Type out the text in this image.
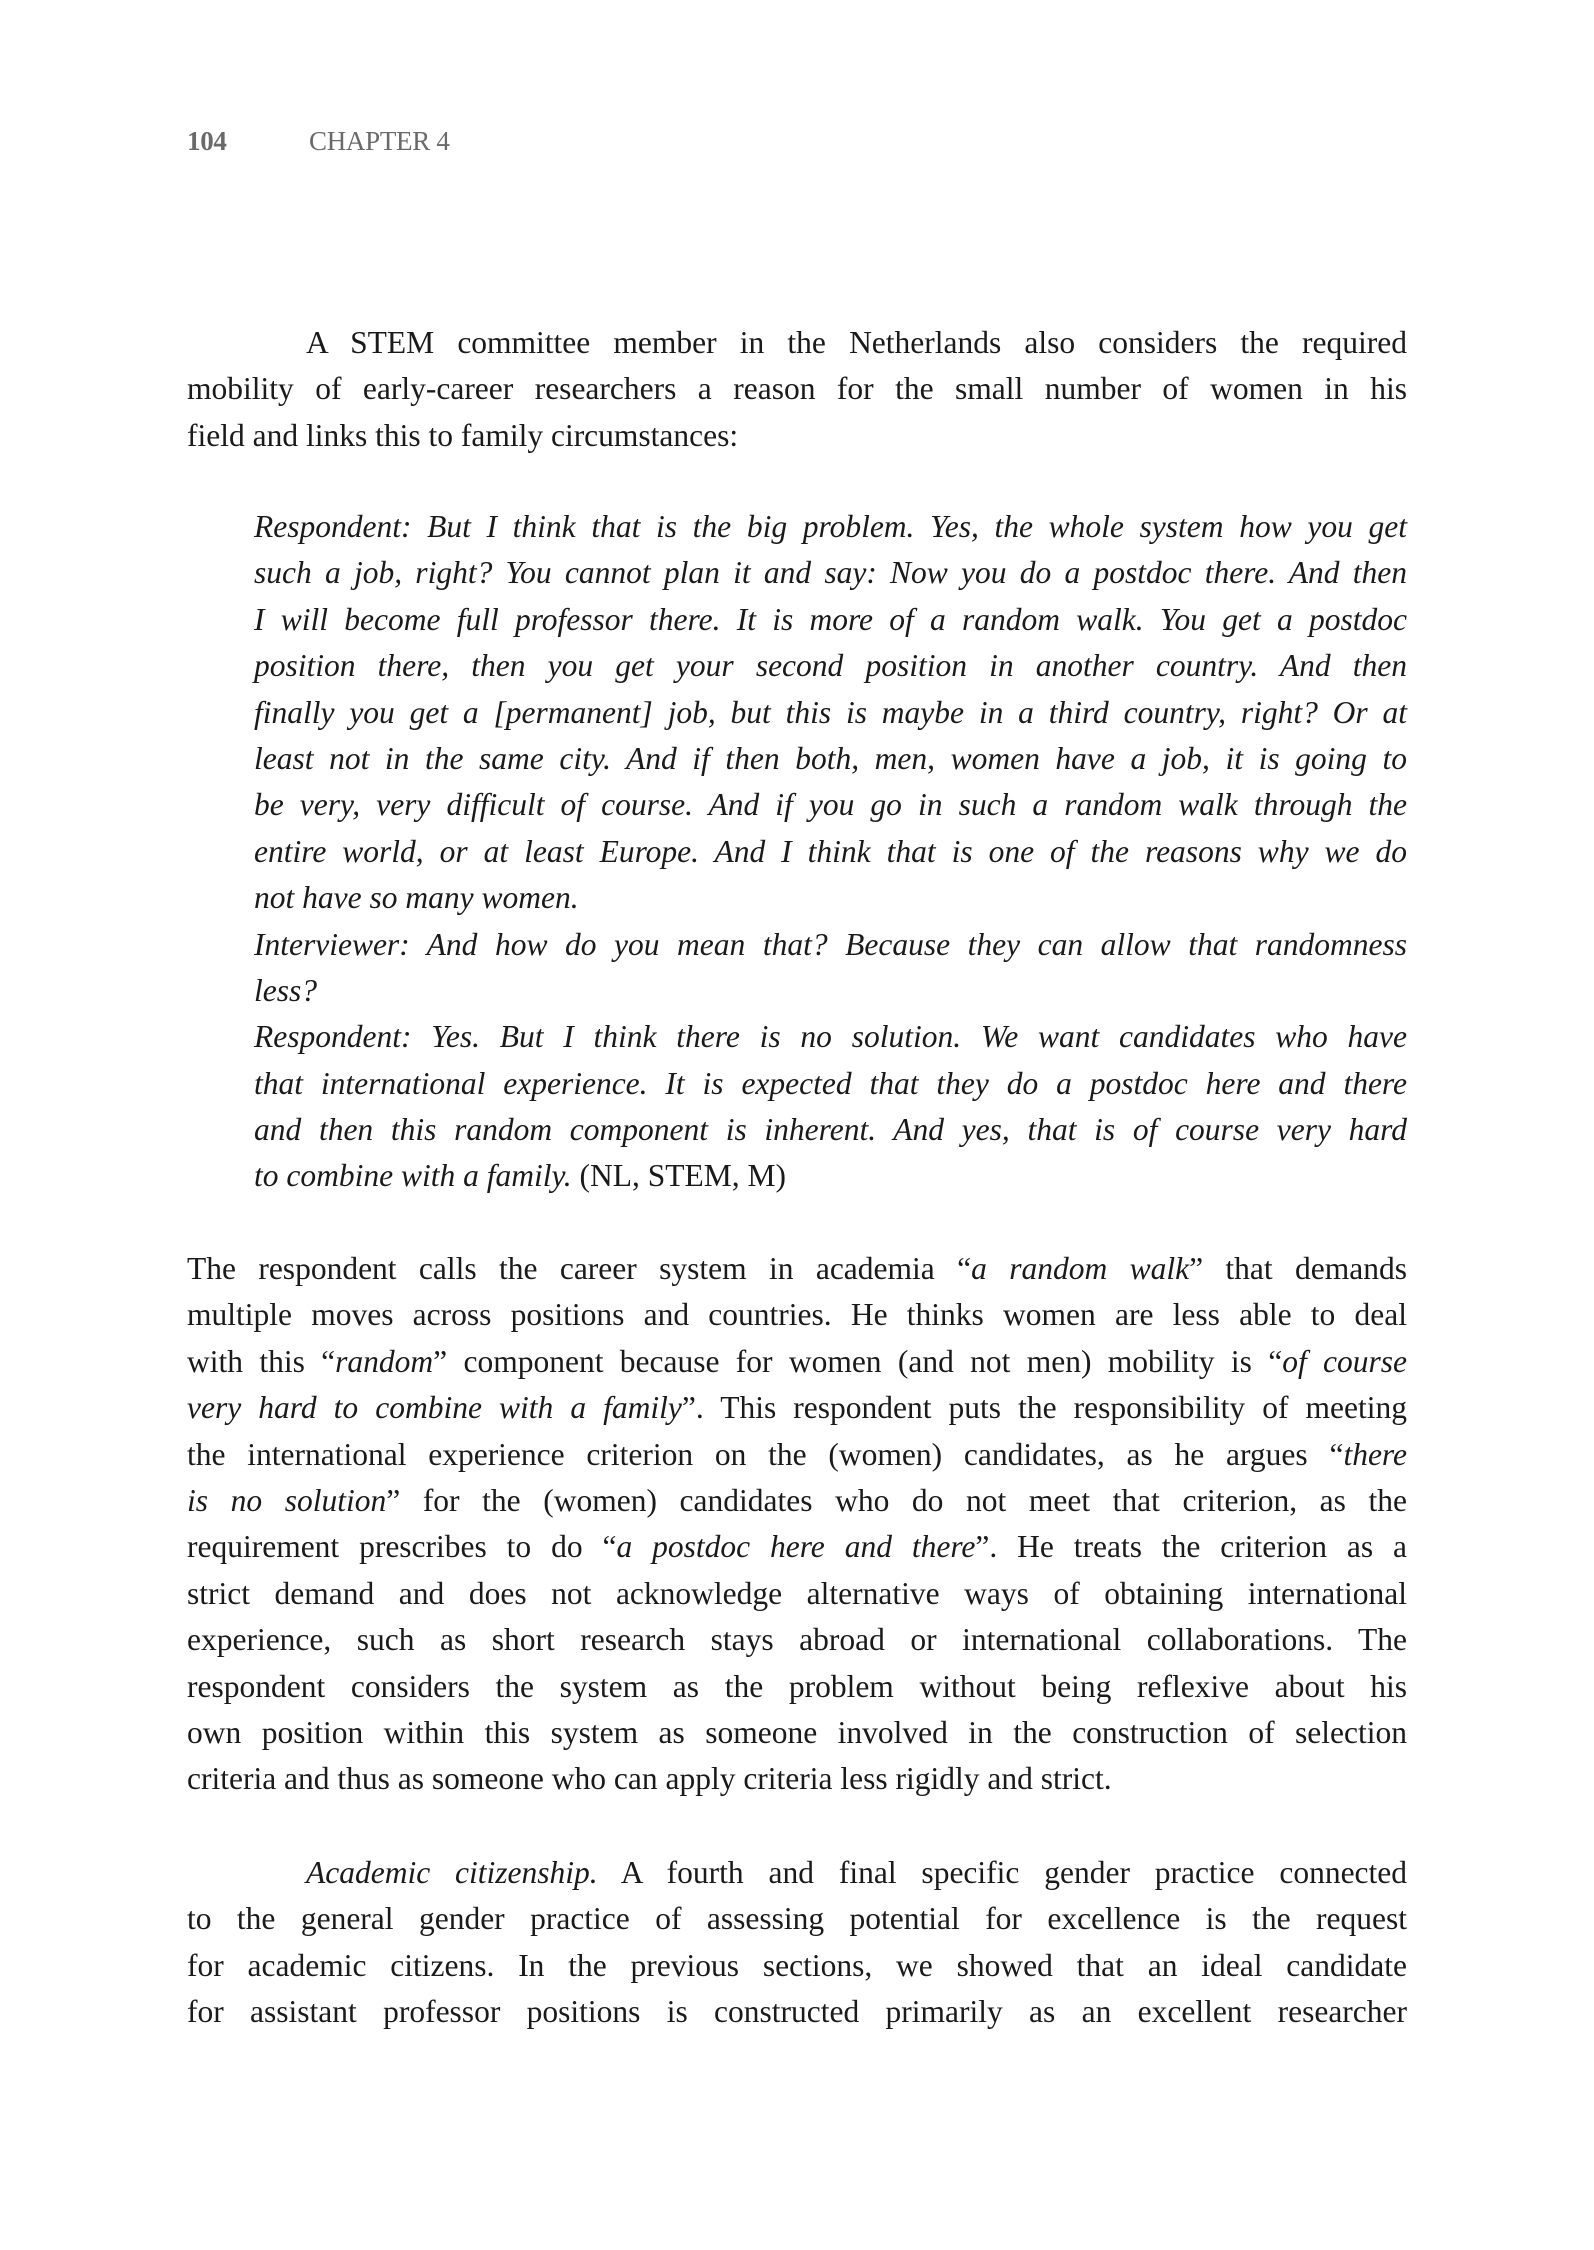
104	CHAPTER 4
A STEM committee member in the Netherlands also considers the required
mobility of early-career researchers a reason for the small number of women in his
field and links this to family circumstances:
Respondent: But I think that is the big problem. Yes, the whole system how you get
such a job, right? You cannot plan it and say: Now you do a postdoc there. And then
I will become full professor there. It is more of a random walk. You get a postdoc
position there, then you get your second position in another country. And then
finally you get a [permanent] job, but this is maybe in a third country, right? Or at
least not in the same city. And if then both, men, women have a job, it is going to
be very, very difficult of course. And if you go in such a random walk through the
entire world, or at least Europe. And I think that is one of the reasons why we do
not have so many women.
Interviewer: And how do you mean that? Because they can allow that randomness
less?
Respondent: Yes. But I think there is no solution. We want candidates who have
that international experience. It is expected that they do a postdoc here and there
and then this random component is inherent. And yes, that is of course very hard
to combine with a family. (NL, STEM, M)
The respondent calls the career system in academia “a random walk” that demands
multiple moves across positions and countries. He thinks women are less able to deal
with this “random” component because for women (and not men) mobility is “of course
very hard to combine with a family”. This respondent puts the responsibility of meeting
the international experience criterion on the (women) candidates, as he argues “there
is no solution” for the (women) candidates who do not meet that criterion, as the
requirement prescribes to do “a postdoc here and there”. He treats the criterion as a
strict demand and does not acknowledge alternative ways of obtaining international
experience, such as short research stays abroad or international collaborations. The
respondent considers the system as the problem without being reflexive about his
own position within this system as someone involved in the construction of selection
criteria and thus as someone who can apply criteria less rigidly and strict.
Academic citizenship. A fourth and final specific gender practice connected
to the general gender practice of assessing potential for excellence is the request
for academic citizens. In the previous sections, we showed that an ideal candidate
for assistant professor positions is constructed primarily as an excellent researcher
